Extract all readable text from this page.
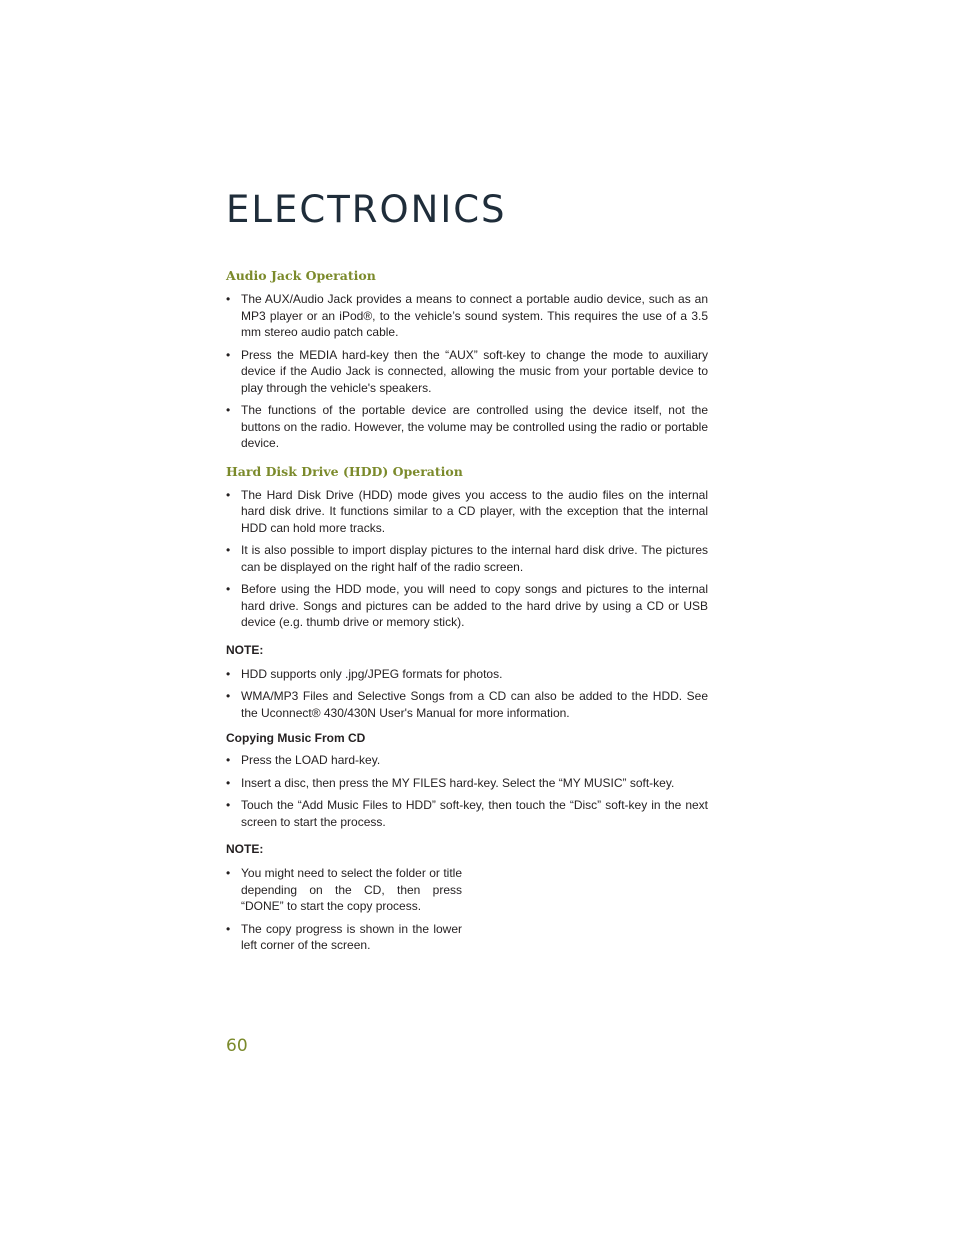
ELECTRONICS
Audio Jack Operation
• The AUX/Audio Jack provides a means to connect a portable audio device, such as an MP3 player or an iPod®, to the vehicle’s sound system. This requires the use of a 3.5 mm stereo audio patch cable.
• Press the MEDIA hard-key then the “AUX” soft-key to change the mode to auxiliary device if the Audio Jack is connected, allowing the music from your portable device to play through the vehicle's speakers.
• The functions of the portable device are controlled using the device itself, not the buttons on the radio. However, the volume may be controlled using the radio or portable device.
Hard Disk Drive (HDD) Operation
• The Hard Disk Drive (HDD) mode gives you access to the audio files on the internal hard disk drive. It functions similar to a CD player, with the exception that the internal HDD can hold more tracks.
• It is also possible to import display pictures to the internal hard disk drive. The pictures can be displayed on the right half of the radio screen.
• Before using the HDD mode, you will need to copy songs and pictures to the internal hard drive. Songs and pictures can be added to the hard drive by using a CD or USB device (e.g. thumb drive or memory stick).
NOTE:
• HDD supports only .jpg/JPEG formats for photos.
• WMA/MP3 Files and Selective Songs from a CD can also be added to the HDD. See the Uconnect® 430/430N User's Manual for more information.
Copying Music From CD
• Press the LOAD hard-key.
• Insert a disc, then press the MY FILES hard-key. Select the “MY MUSIC” soft-key.
• Touch the “Add Music Files to HDD” soft-key, then touch the “Disc” soft-key in the next screen to start the process.
NOTE:
• You might need to select the folder or title depending on the CD, then press “DONE” to start the copy process.
• The copy progress is shown in the lower left corner of the screen.
60
